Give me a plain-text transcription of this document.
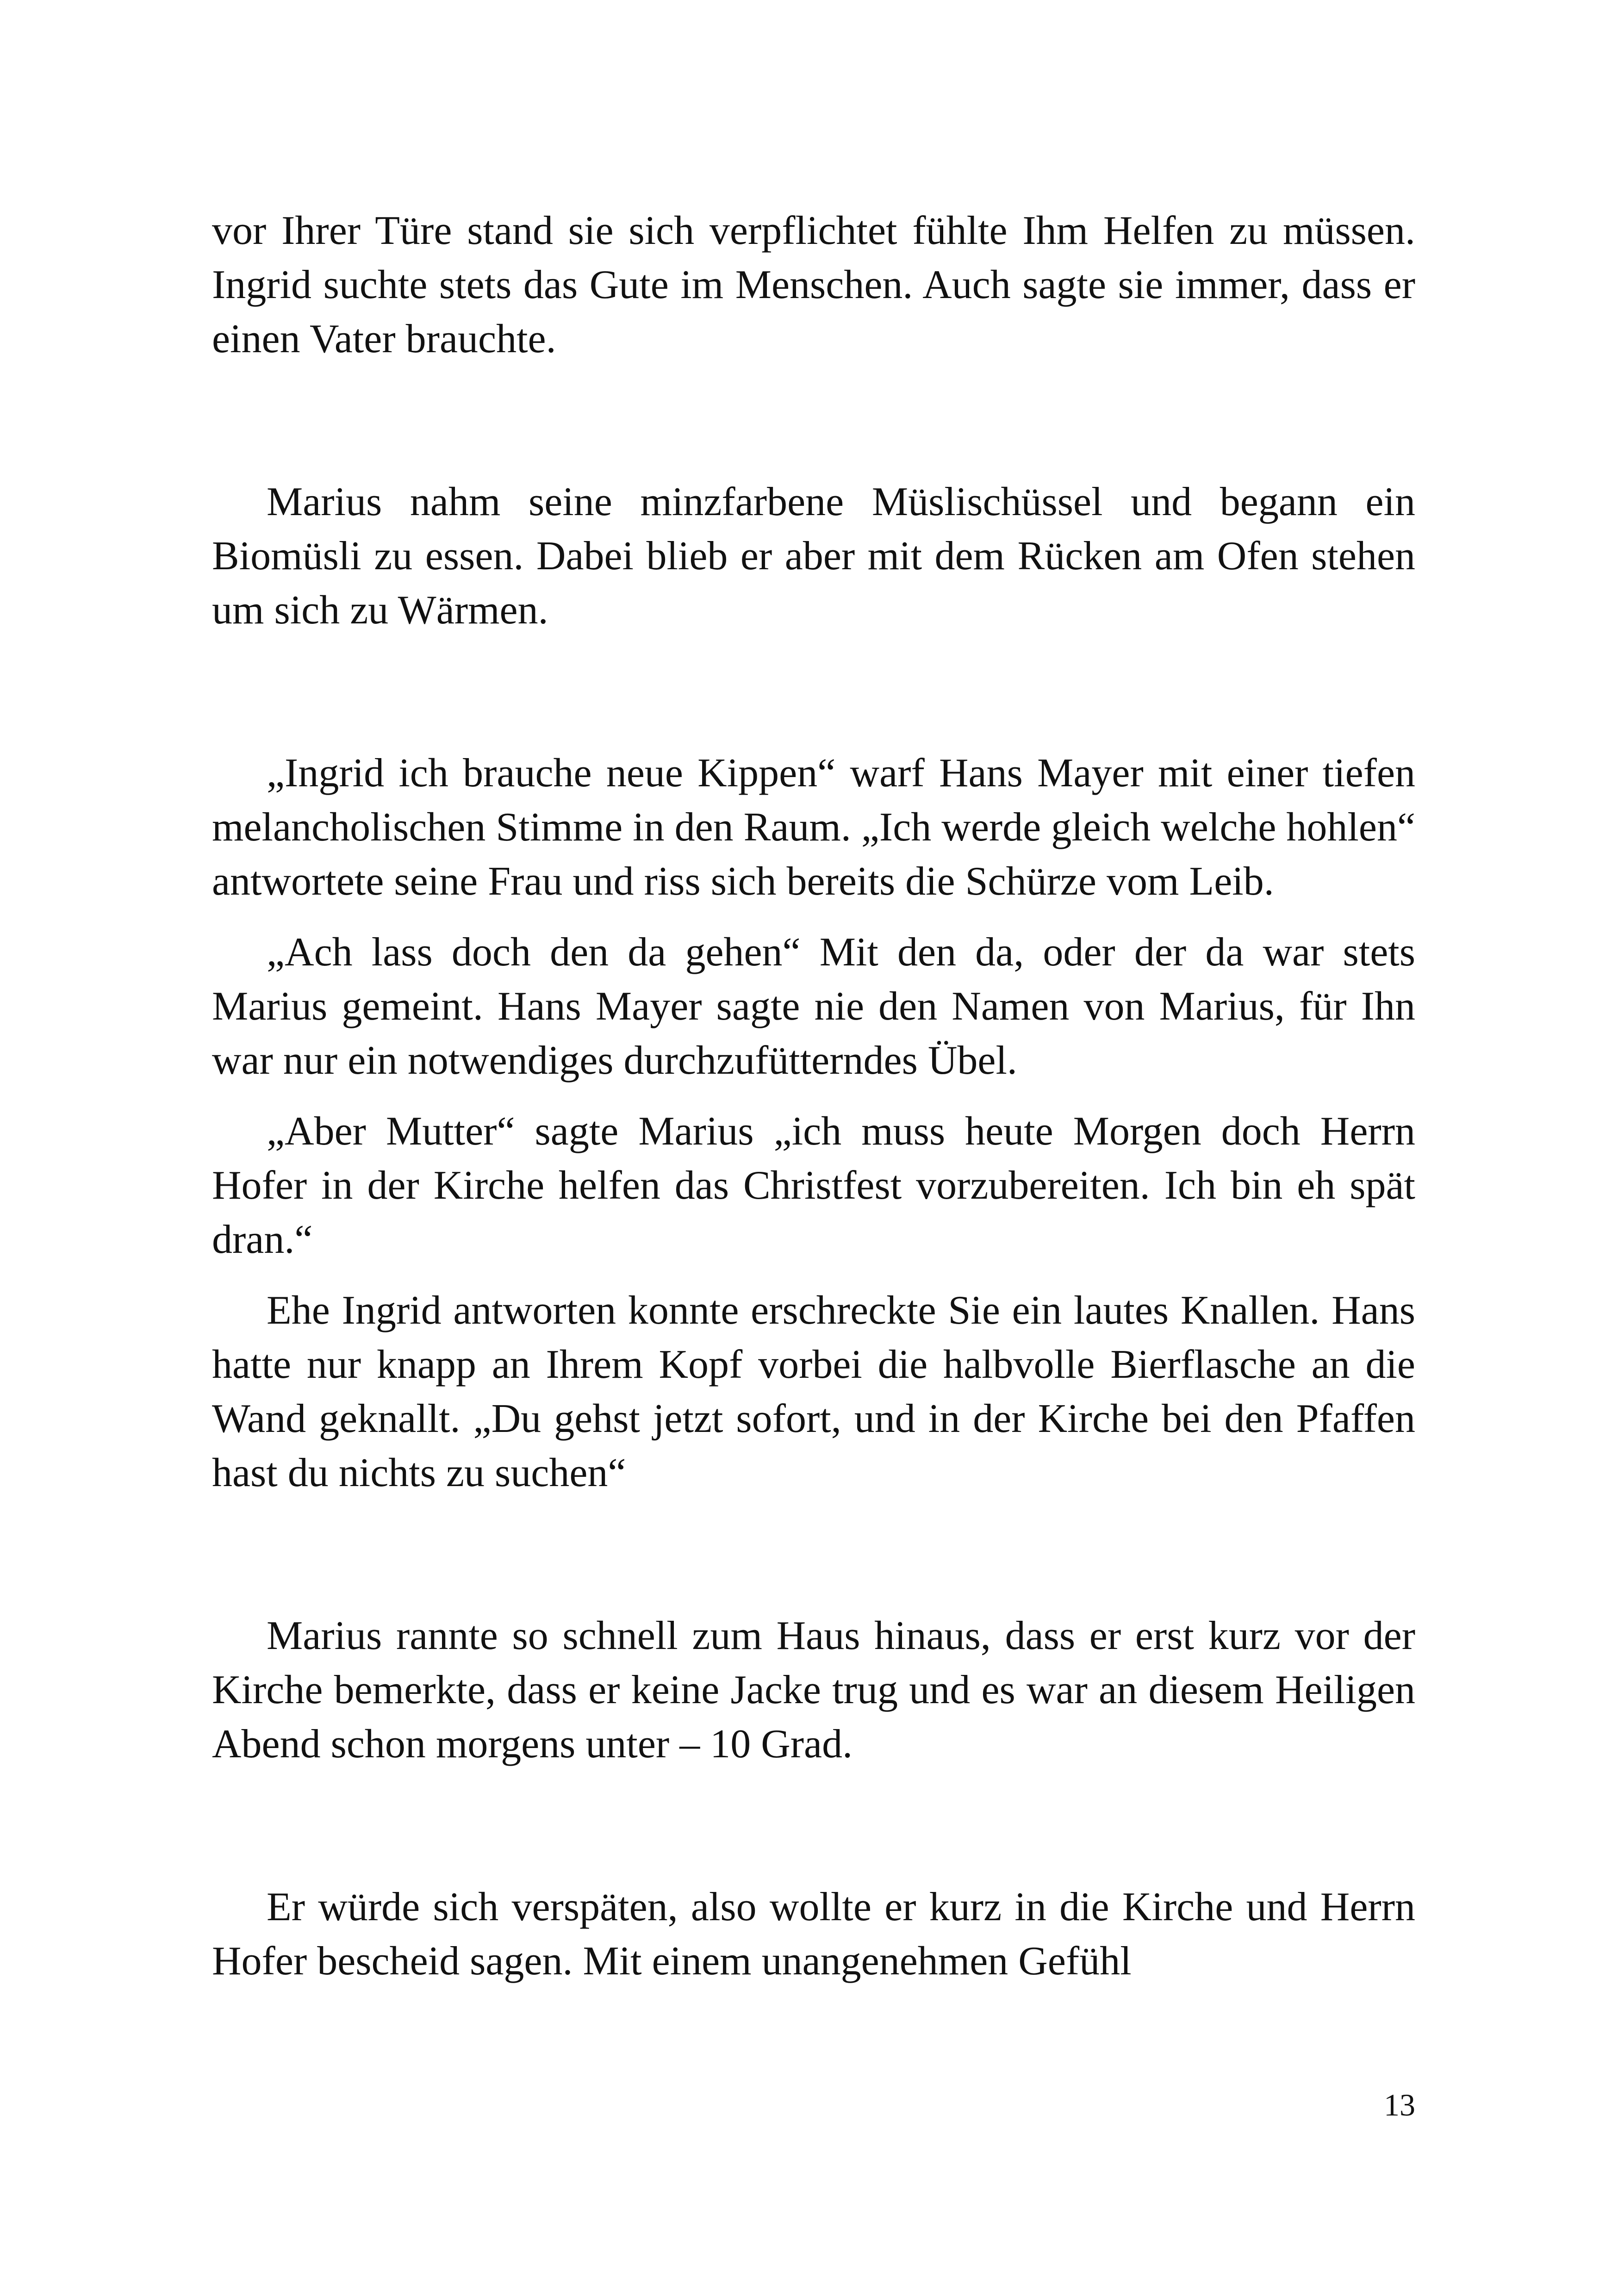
vor Ihrer Türe stand sie sich verpflichtet fühlte Ihm Helfen zu müssen. Ingrid suchte stets das Gute im Menschen. Auch sagte sie immer, dass er einen Vater brauchte.

Marius nahm seine minzfarbene Müslischüssel und begann ein Biomüsli zu essen. Dabei blieb er aber mit dem Rücken am Ofen stehen um sich zu Wärmen.

„Ingrid ich brauche neue Kippen“ warf Hans Mayer mit einer tiefen melancholischen Stimme in den Raum. „Ich werde gleich welche hohlen“ antwortete seine Frau und riss sich bereits die Schürze vom Leib.

„Ach lass doch den da gehen“ Mit den da, oder der da war stets Marius gemeint. Hans Mayer sagte nie den Namen von Marius, für Ihn war nur ein notwendiges durchzufütterndes Übel.

„Aber Mutter“ sagte Marius „ich muss heute Morgen doch Herrn Hofer in der Kirche helfen das Christfest vorzubereiten. Ich bin eh spät dran.“

Ehe Ingrid antworten konnte erschreckte Sie ein lautes Knallen. Hans hatte nur knapp an Ihrem Kopf vorbei die halbvolle Bierflasche an die Wand geknallt. „Du gehst jetzt sofort, und in der Kirche bei den Pfaffen hast du nichts zu suchen“

Marius rannte so schnell zum Haus hinaus, dass er erst kurz vor der Kirche bemerkte, dass er keine Jacke trug und es war an diesem Heiligen Abend schon morgens unter – 10 Grad.

Er würde sich verspäten, also wollte er kurz in die Kirche und Herrn Hofer bescheid sagen. Mit einem unangenehmen Gefühl

13
